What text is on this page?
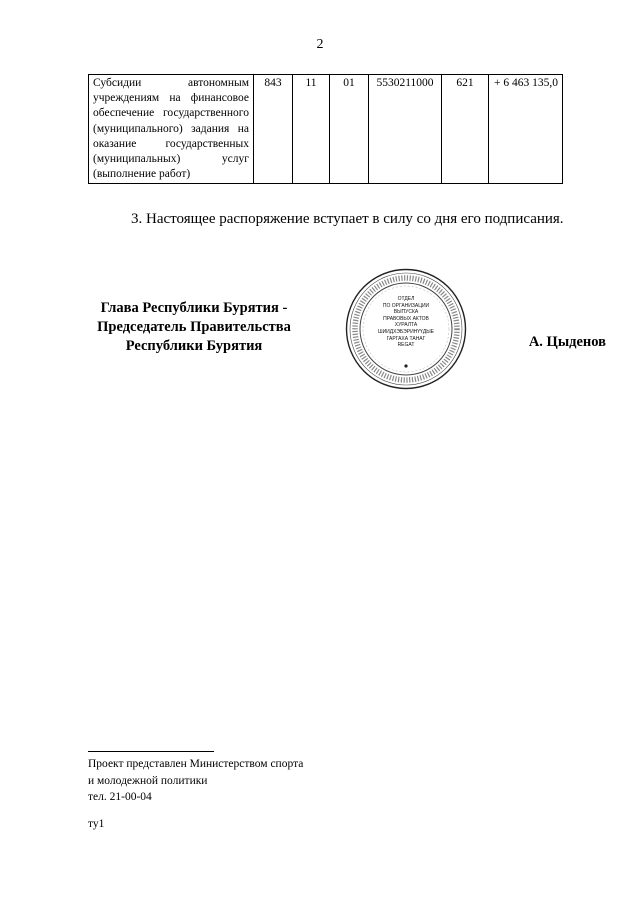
2
Субсидии автономным учреждениям на финансовое обеспечение государственного (муниципального) задания на оказание государственных (муниципальных) услуг (выполнение работ)	843	11	01	5530211000	621	+ 6 463 135,0
3. Настоящее распоряжение вступает в силу со дня его подписания.
Глава Республики Бурятия -
Председатель Правительства
Республики Бурятия
ОТДЕЛ
ПО ОРГАНИЗАЦИИ
ВЫПУСКА
ПРАВОВЫХ АКТОВ
ХУРАЛТА
ШИИДХЭБЭРИНҮҮДЫЕ
ГАРГАХА ТАHАГ
REGAT	А. Цыденов
Проект представлен Министерством спорта
и молодежной политики
тел. 21-00-04
ту1
